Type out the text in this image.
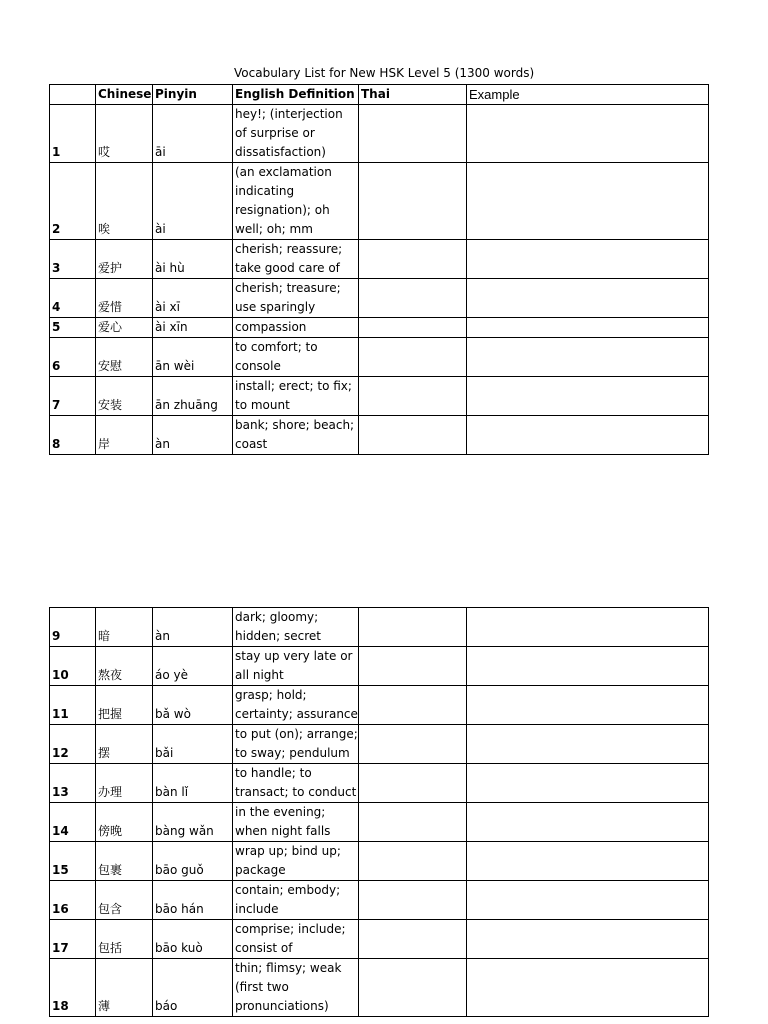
Vocabulary List for New HSK Level 5 (1300 words)
	Chinese	Pinyin	English Definition	Thai	Example
1	哎	āi	hey!; (interjection of surprise or dissatisfaction)		
2	唉	ài	(an exclamation indicating resignation); oh well; oh; mm		
3	爱护	ài hù	cherish; reassure; take good care of		
4	爱惜	ài xī	cherish; treasure; use sparingly		
5	爱心	ài xīn	compassion		
6	安慰	ān wèi	to comfort; to console		
7	安装	ān zhuāng	install; erect; to fix; to mount		
8	岸	àn	bank; shore; beach; coast		
9	暗	àn	dark; gloomy; hidden; secret		
10	熬夜	áo yè	stay up very late or all night		
11	把握	bǎ wò	grasp; hold; certainty; assurance		
12	摆	bǎi	to put (on); arrange; to sway; pendulum		
13	办理	bàn lǐ	to handle; to transact; to conduct		
14	傍晚	bàng wǎn	in the evening; when night falls		
15	包裹	bāo guǒ	wrap up; bind up; package		
16	包含	bāo hán	contain; embody; include		
17	包括	bāo kuò	comprise; include; consist of		
18	薄	báo	thin; flimsy; weak (first two pronunciations)		
